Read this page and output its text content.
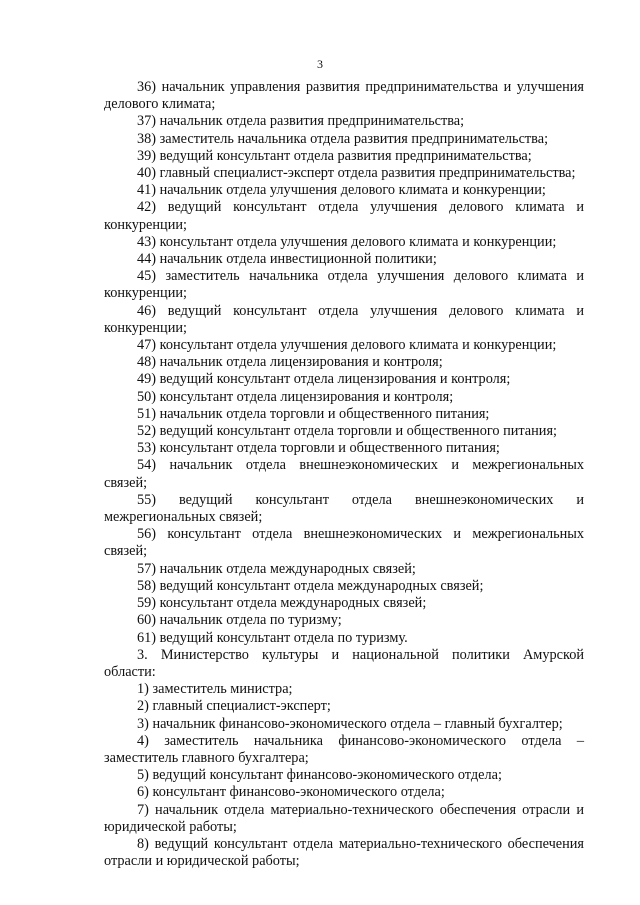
3
36) начальник управления развития предпринимательства и улучшения
делового климата;
37) начальник отдела развития предпринимательства;
38) заместитель начальника отдела развития предпринимательства;
39) ведущий консультант отдела развития предпринимательства;
40) главный специалист-эксперт отдела развития предпринимательства;
41) начальник отдела улучшения делового климата и конкуренции;
42) ведущий консультант отдела улучшения делового климата и
конкуренции;
43) консультант отдела улучшения делового климата и конкуренции;
44) начальник отдела инвестиционной политики;
45) заместитель начальника отдела улучшения делового климата и
конкуренции;
46) ведущий консультант отдела улучшения делового климата и
конкуренции;
47) консультант отдела улучшения делового климата и конкуренции;
48) начальник отдела лицензирования и контроля;
49) ведущий консультант отдела лицензирования и контроля;
50) консультант отдела лицензирования и контроля;
51) начальник отдела торговли и общественного питания;
52) ведущий консультант отдела торговли и общественного питания;
53) консультант отдела торговли и общественного питания;
54) начальник отдела внешнеэкономических и межрегиональных
связей;
55) ведущий консультант отдела внешнеэкономических и
межрегиональных связей;
56) консультант отдела внешнеэкономических и межрегиональных
связей;
57) начальник отдела международных связей;
58) ведущий консультант отдела международных связей;
59) консультант отдела международных связей;
60) начальник отдела по туризму;
61) ведущий консультант отдела по туризму.
3. Министерство культуры и национальной политики Амурской
области:
1) заместитель министра;
2) главный специалист-эксперт;
3) начальник финансово-экономического отдела – главный бухгалтер;
4) заместитель начальника финансово-экономического отдела –
заместитель главного бухгалтера;
5) ведущий консультант финансово-экономического отдела;
6) консультант финансово-экономического отдела;
7) начальник отдела материально-технического обеспечения отрасли и
юридической работы;
8) ведущий консультант отдела материально-технического обеспечения
отрасли и юридической работы;
